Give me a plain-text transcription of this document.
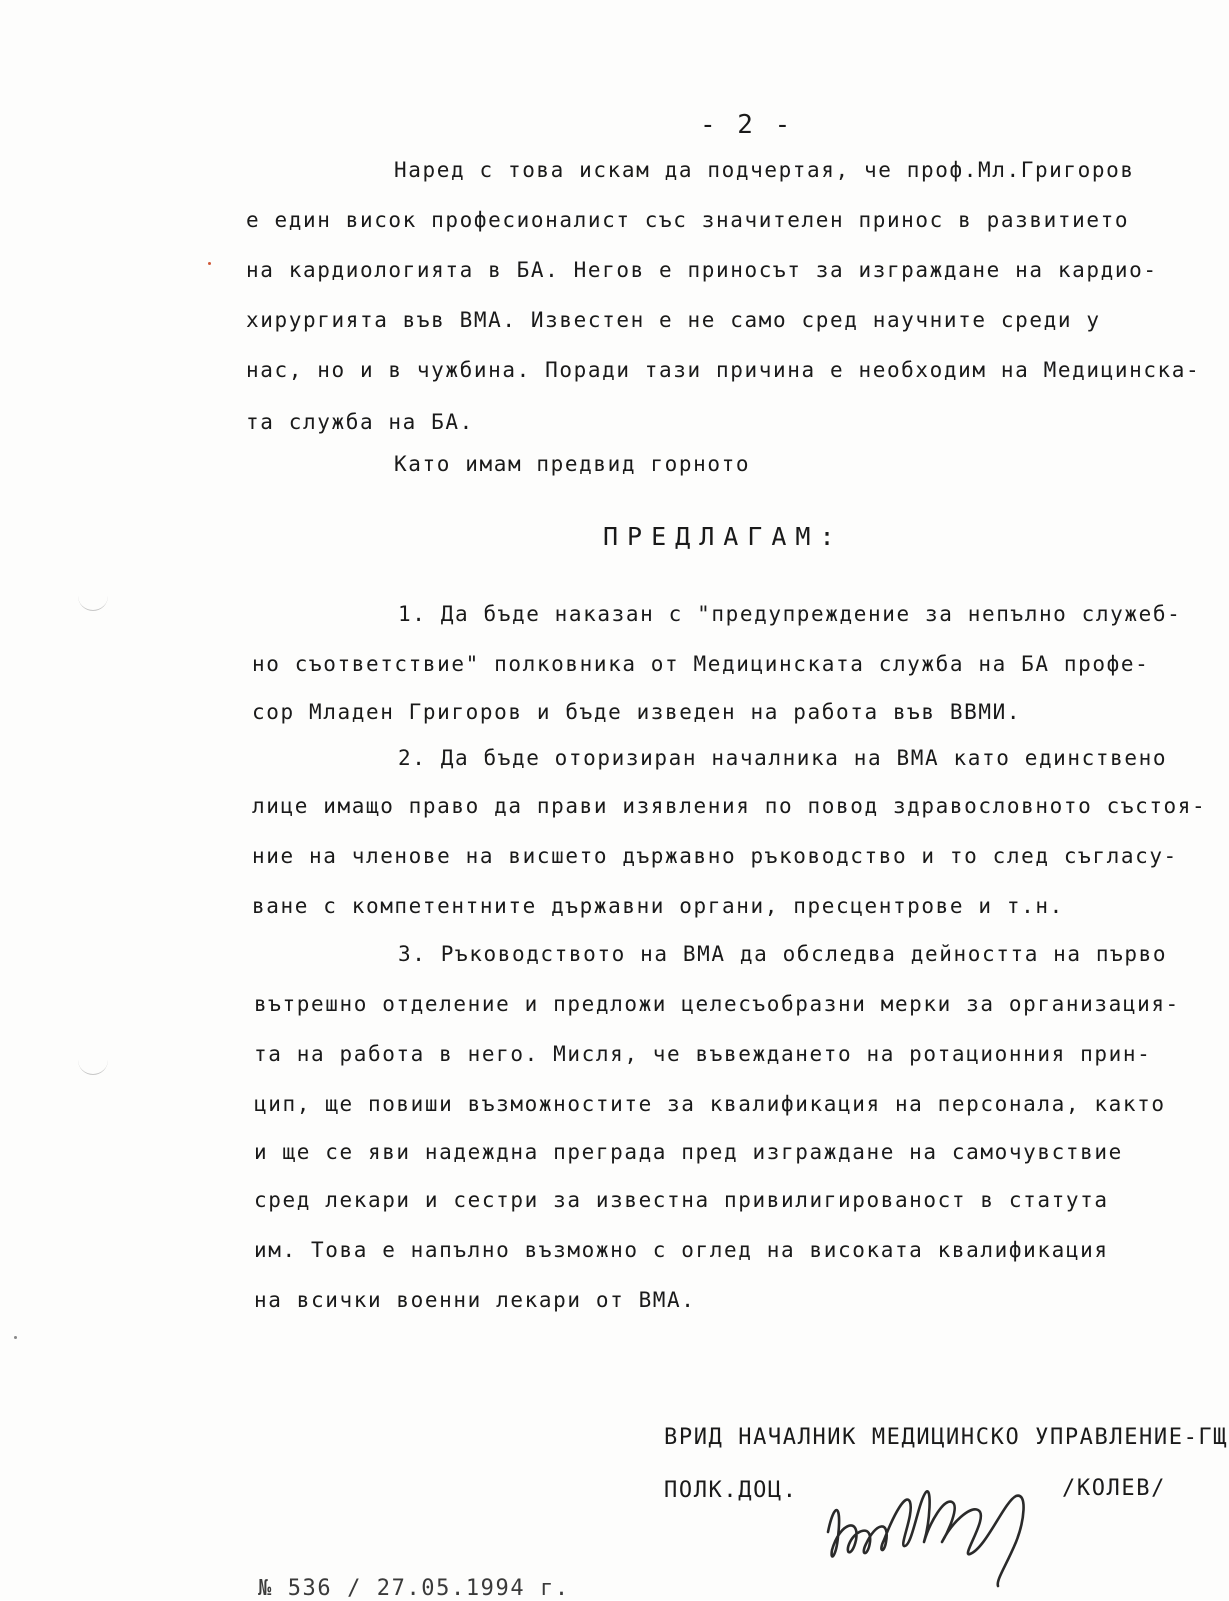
- 2 -
Наред с това искам да подчертая, че проф.Мл.Григоров
е един висок професионалист със значителен принос в развитието
на кардиологията в БА. Негов е приносът за изграждане на кардио-
хирургията във ВМА. Известен е не само сред научните среди у
нас, но и в чужбина. Поради тази причина е необходим на Медицинска-
та служба на БА.
Като имам предвид горното
ПРЕДЛАГАМ:
1. Да бъде наказан с "предупреждение за непълно служеб-
но съответствие" полковника от Медицинската служба на БА профе-
сор Младен Григоров и бъде изведен на работа във ВВМИ.
2. Да бъде оторизиран началника на ВМА като единствено
лице имащо право да прави изявления по повод здравословното състоя-
ние на членове на висшето държавно ръководство и то след съгласу-
ване с компетентните държавни органи, пресцентрове и т.н.
3. Ръководството на ВМА да обследва дейността на първо
вътрешно отделение и предложи целесъобразни мерки за организация-
та на работа в него. Мисля, че въвеждането на ротационния прин-
цип, ще повиши възможностите за квалификация на персонала, както
и ще се яви надеждна преграда пред изграждане на самочувствие
сред лекари и сестри за известна привилигированост в статута
им. Това е напълно възможно с оглед на високата квалификация
на всички военни лекари от ВМА.
ВРИД НАЧАЛНИК МЕДИЦИНСКО УПРАВЛЕНИЕ-ГЩ
ПОЛК.ДОЦ.	/КОЛЕВ/
№ 536 / 27.05.1994 г.
